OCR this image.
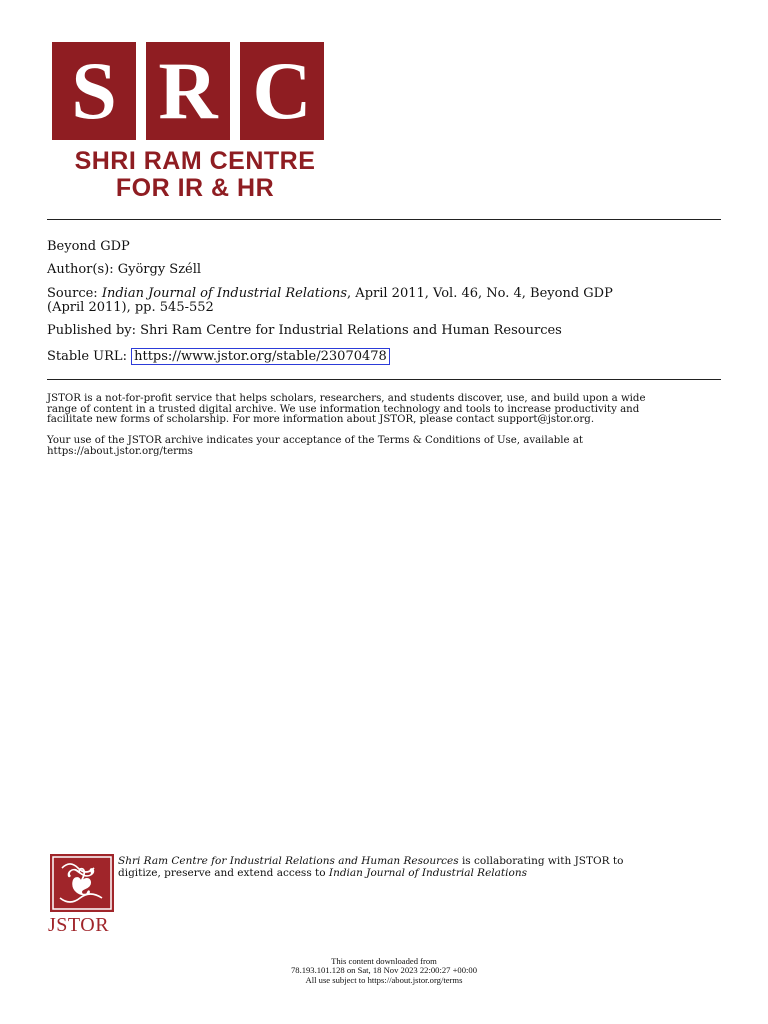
S R C
SHRI RAM CENTRE
FOR IR & HR
Beyond GDP
Author(s): György Széll
Source: Indian Journal of Industrial Relations, April 2011, Vol. 46, No. 4, Beyond GDP
(April 2011), pp. 545-552
Published by: Shri Ram Centre for Industrial Relations and Human Resources
Stable URL: https://www.jstor.org/stable/23070478

JSTOR is a not-for-profit service that helps scholars, researchers, and students discover, use, and build upon a wide

range of content in a trusted digital archive. We use information technology and tools to increase productivity and

facilitate new forms of scholarship. For more information about JSTOR, please contact support@jstor.org.

Your use of the JSTOR archive indicates your acceptance of the Terms & Conditions of Use, available at

https://about.jstor.org/terms

❦
JSTOR
Shri Ram Centre for Industrial Relations and Human Resources is collaborating with JSTOR to
digitize, preserve and extend access to Indian Journal of Industrial Relations
This content downloaded from
78.193.101.128 on Sat, 18 Nov 2023 22:00:27 +00:00
All use subject to https://about.jstor.org/terms
